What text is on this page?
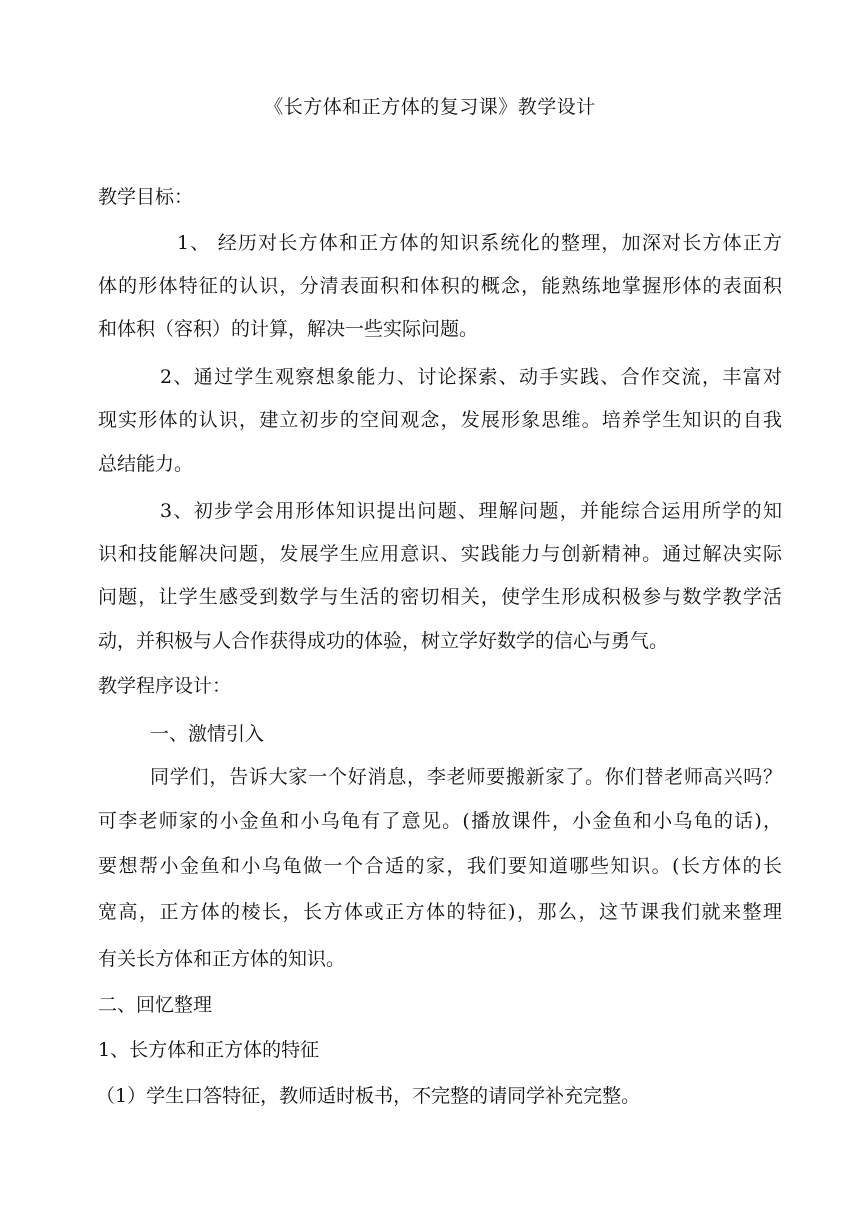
《长方体和正方体的复习课》教学设计
教学目标：
1、 经历对长方体和正方体的知识系统化的整理，加深对长方体正方
体的形体特征的认识，分清表面积和体积的概念，能熟练地掌握形体的表面积
和体积（容积）的计算，解决一些实际问题。
2、通过学生观察想象能力、讨论探索、动手实践、合作交流，丰富对
现实形体的认识，建立初步的空间观念，发展形象思维。培养学生知识的自我
总结能力。
3、初步学会用形体知识提出问题、理解问题，并能综合运用所学的知
识和技能解决问题，发展学生应用意识、实践能力与创新精神。通过解决实际
问题，让学生感受到数学与生活的密切相关，使学生形成积极参与数学教学活
动，并积极与人合作获得成功的体验，树立学好数学的信心与勇气。
教学程序设计：
一、激情引入
同学们，告诉大家一个好消息，李老师要搬新家了。你们替老师高兴吗？
可李老师家的小金鱼和小乌龟有了意见。(播放课件，小金鱼和小乌龟的话)，
要想帮小金鱼和小乌龟做一个合适的家，我们要知道哪些知识。(长方体的长
宽高，正方体的棱长，长方体或正方体的特征)，那么，这节课我们就来整理
有关长方体和正方体的知识。
二、回忆整理
1、长方体和正方体的特征
（1）学生口答特征，教师适时板书，不完整的请同学补充完整。
